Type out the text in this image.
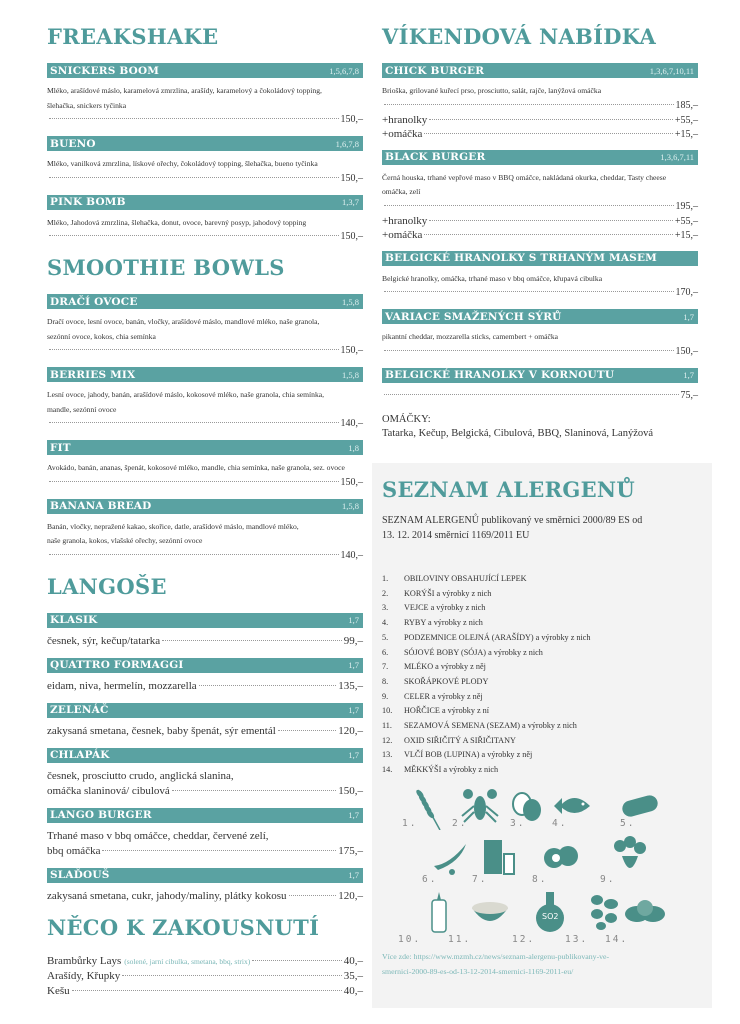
FREAKSHAKE
SNICKERS BOOM	1,5,6,7,8
Mléko, arašídové máslo, karamelová zmrzlina, arašídy, karamelový a čokoládový topping,
šlehačka, snickers tyčinka
150,–
BUENO	1,6,7,8
Mléko, vanilková zmrzlina, lískové ořechy, čokoládový topping, šlehačka, bueno tyčinka
150,–
PINK BOMB	1,3,7
Mléko, Jahodová zmrzlina, šlehačka, donut, ovoce, barevný posyp, jahodový topping
150,–
SMOOTHIE BOWLS
DRAČÍ OVOCE	1,5,8
Dračí ovoce, lesní ovoce, banán, vločky, arašídové máslo, mandlové mléko, naše granola,
sezónní ovoce, kokos, chia semínka
150,–
BERRIES MIX	1,5,8
Lesní ovoce, jahody, banán, arašídové máslo, kokosové mléko, naše granola, chia semínka,
mandle, sezónní ovoce
140,–
FIT	1,8
Avokádo, banán, ananas, špenát, kokosové mléko, mandle, chia semínka, naše granola, sez. ovoce
150,–
BANANA BREAD	1,5,8
Banán, vločky, nepražené kakao, skořice, datle, arašídové máslo, mandlové mléko,
naše granola, kokos, vlašské ořechy, sezónní ovoce
140,–
LANGOŠE
KLASIK	1,7
česnek, sýr, kečup/tatarka	99,–
QUATTRO FORMAGGI	1,7
eidam, niva, hermelín, mozzarella	135,–
ZELENÁČ	1,7
zakysaná smetana, česnek, baby špenát, sýr ementál	120,–
CHLAPÁK	1,7
česnek, prosciutto crudo, anglická slanina,
omáčka slaninová/ cibulová	150,–
LANGO BURGER	1,7
Trhané maso v bbq omáčce, cheddar, červené zelí,
bbq omáčka	175,–
SLAĎOUŠ	1,7
zakysaná smetana, cukr, jahody/maliny, plátky kokosu	120,–
NĚCO K ZAKOUSNUTÍ
Brambůrky Lays (solené, jarní cibulka, smetana, bbq, strix)	40,–
Arašídy, Křupky	35,–
Kešu	40,–
VÍKENDOVÁ NABÍDKA
CHICK BURGER	1,3,6,7,10,11
Brioška, grilované kuřecí prso, prosciutto, salát, rajče, lanýžová omáčka
185,–
+hranolky	+55,–
+omáčka	+15,–
BLACK BURGER	1,3,6,7,11
Černá houska, trhané vepřové maso v BBQ omáčce, nakládaná okurka, cheddar, Tasty cheese
omáčka, zelí
195,–
+hranolky	+55,–
+omáčka	+15,–
BELGICKÉ HRANOLKY S TRHANÝM MASEM
Belgické hranolky, omáčka, trhané maso v bbq omáčce, křupavá cibulka
170,–
VARIACE SMAŽENÝCH SÝRŮ	1,7
pikantní cheddar, mozzarella sticks, camembert + omáčka
150,–
BELGICKÉ HRANOLKY V KORNOUTU	1,7
75,–
OMÁČKY:
Tatarka, Kečup, Belgická, Cibulová, BBQ, Slaninová, Lanýžová
SEZNAM ALERGENŮ
SEZNAM ALERGENŮ publikovaný ve směrnici 2000/89 ES od
13. 12. 2014 směrnicí 1169/2011 EU
1.	OBILOVINY OBSAHUJÍCÍ LEPEK
2.	KORÝŠI a výrobky z nich
3.	VEJCE a výrobky z nich
4.	RYBY a výrobky z nich
5.	PODZEMNICE OLEJNÁ (ARAŠÍDY) a výrobky z nich
6.	SÓJOVÉ BOBY (SÓJA) a výrobky z nich
7.	MLÉKO a výrobky z něj
8.	SKOŘÁPKOVÉ PLODY
9.	CELER a výrobky z něj
10.	HOŘČICE a výrobky z ní
11.	SEZAMOVÁ SEMENA (SEZAM) a výrobky z nich
12.	OXID SIŘIČITÝ A SIŘIČITANY
13.	VLČÍ BOB (LUPINA) a výrobky z něj
14.	MĚKKÝŠI a výrobky z nich
1.	2.	3.	4.	5.
6.	7.	8.	9.
10.	11.
SO2
12.	13. 14.
Více zde: https://www.mzmh.cz/news/seznam-alergenu-publikovany-ve-
smernici-2000-89-es-od-13-12-2014-smernici-1169-2011-eu/
